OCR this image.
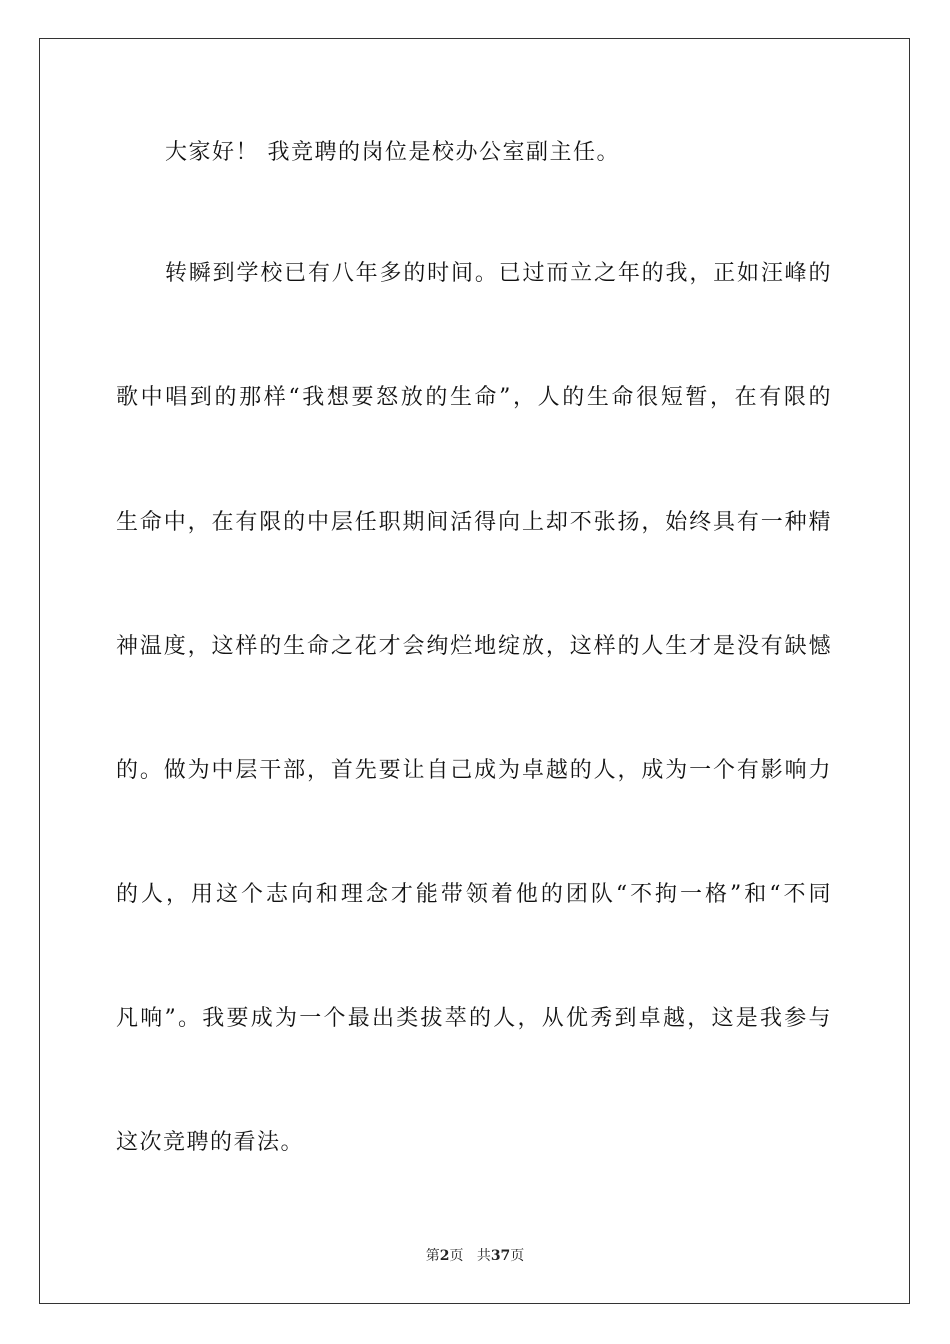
大家好！ 我竞聘的岗位是校办公室副主任。
转瞬到学校已有八年多的时间。已过而立之年的我，正如汪峰的
歌中唱到的那样“我想要怒放的生命”，人的生命很短暂，在有限的
生命中，在有限的中层任职期间活得向上却不张扬，始终具有一种精
神温度，这样的生命之花才会绚烂地绽放，这样的人生才是没有缺憾
的。做为中层干部，首先要让自己成为卓越的人，成为一个有影响力
的人，用这个志向和理念才能带领着他的团队“不拘一格”和“不同
凡响”。我要成为一个最出类拔萃的人，从优秀到卓越，这是我参与
这次竞聘的看法。
第2页 共37页
